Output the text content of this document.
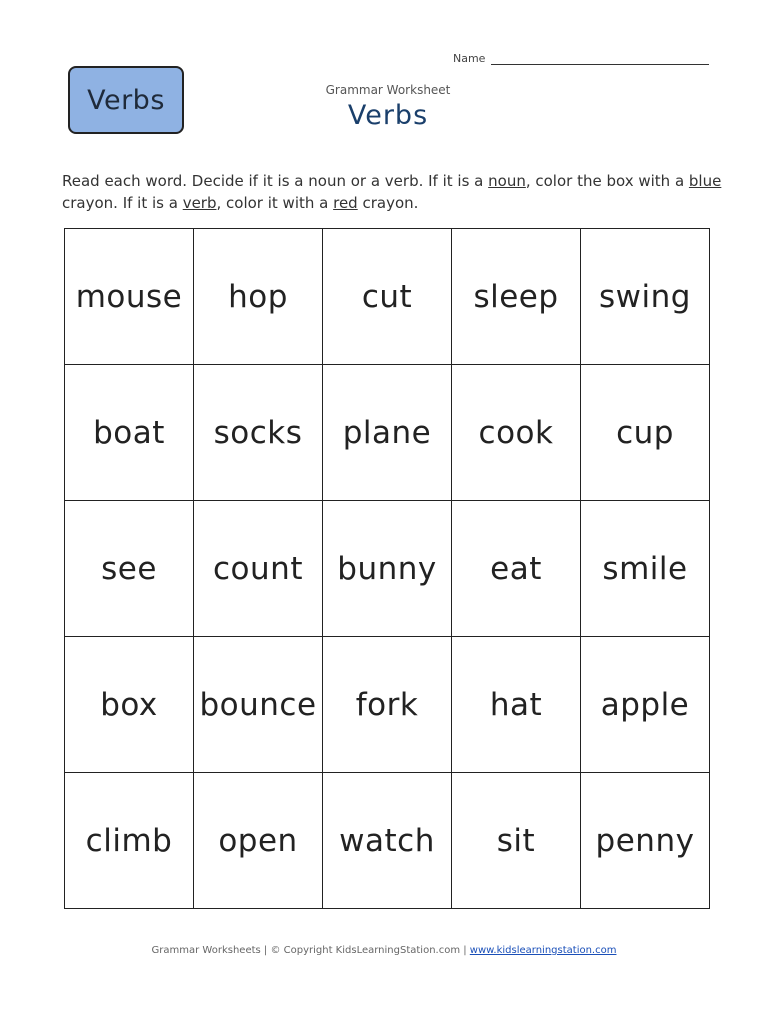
Name
Verbs	Grammar Worksheet
Verbs
Read each word. Decide if it is a noun or a verb. If it is a noun, color the box with a blue crayon. If it is a verb, color it with a red crayon.
mouse	hop	cut	sleep	swing
boat	socks	plane	cook	cup
see	count	bunny	eat	smile
box	bounce	fork	hat	apple
climb	open	watch	sit	penny
Grammar Worksheets | © Copyright KidsLearningStation.com | www.kidslearningstation.com
